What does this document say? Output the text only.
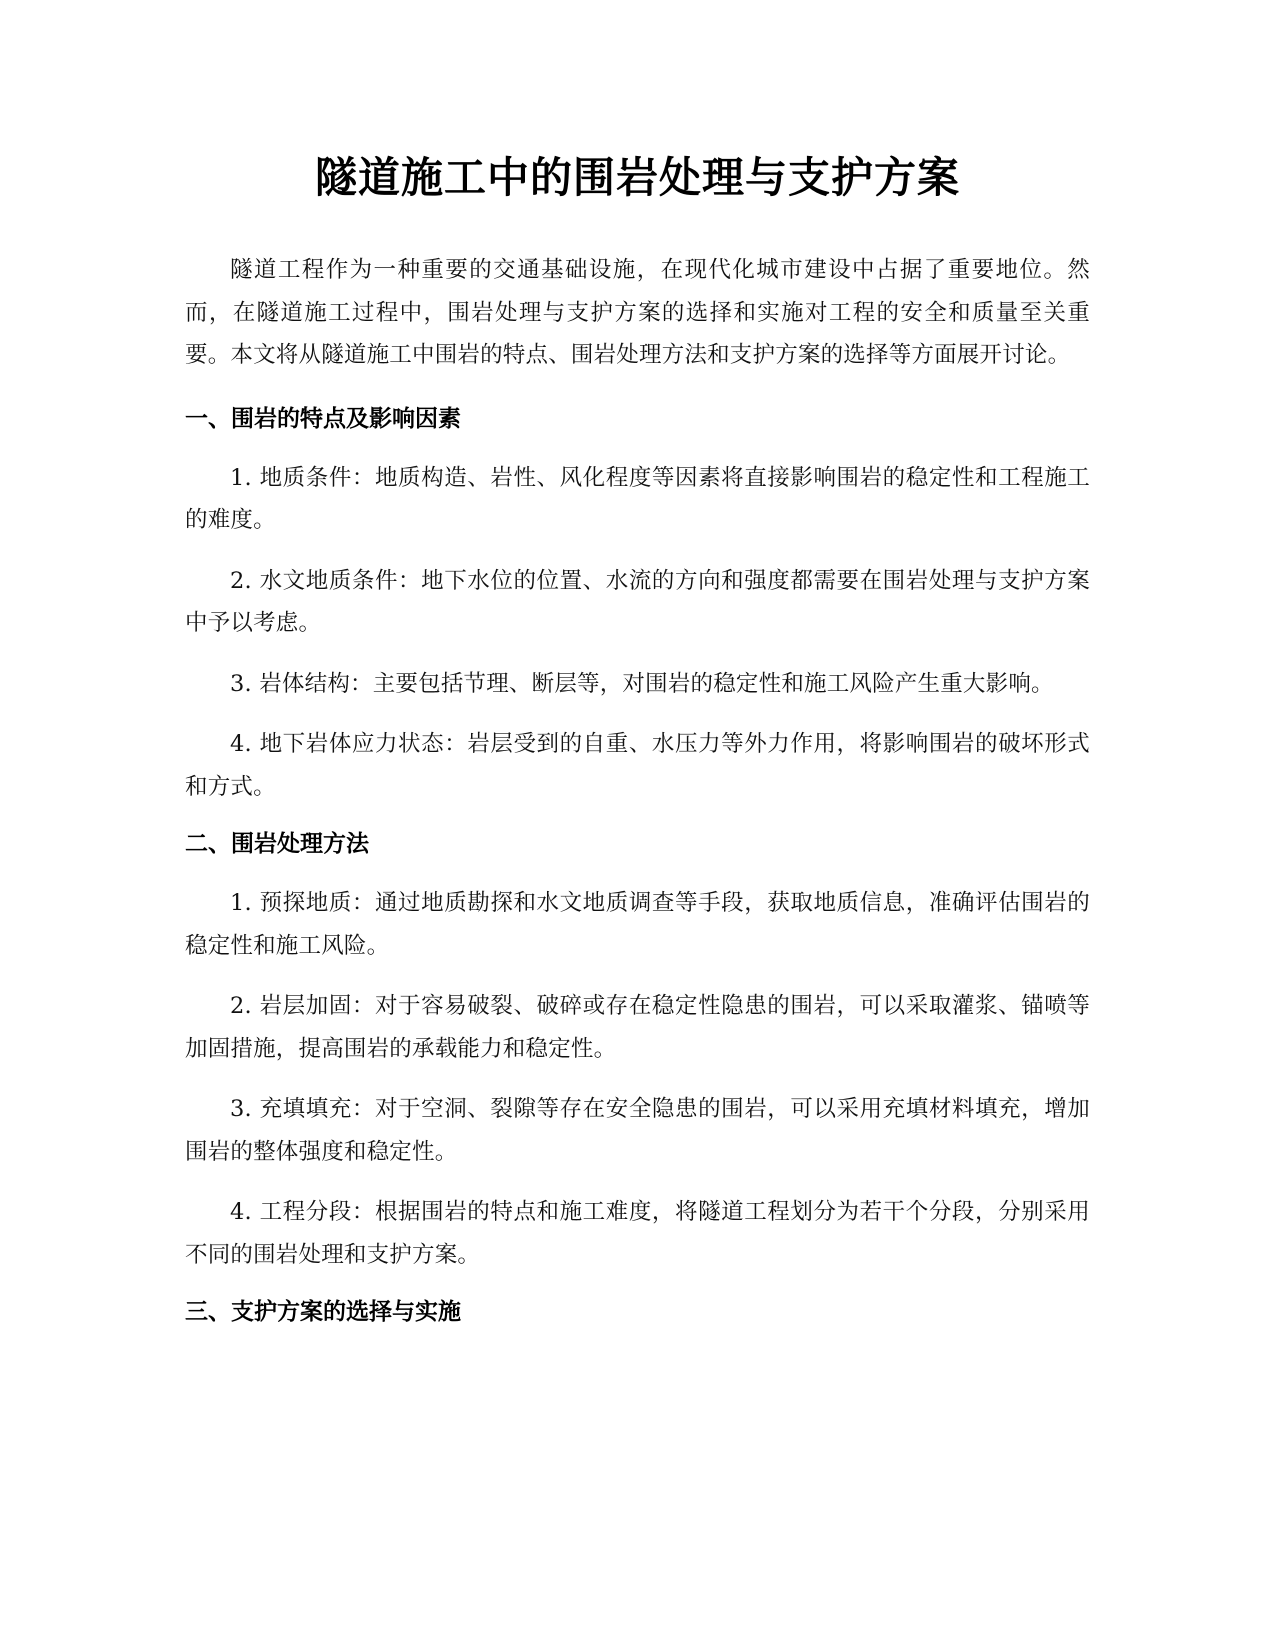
隧道施工中的围岩处理与支护方案

隧道工程作为一种重要的交通基础设施，在现代化城市建设中占据了重要地位。然而，在隧道施工过程中，围岩处理与支护方案的选择和实施对工程的安全和质量至关重要。本文将从隧道施工中围岩的特点、围岩处理方法和支护方案的选择等方面展开讨论。

一、围岩的特点及影响因素

1. 地质条件：地质构造、岩性、风化程度等因素将直接影响围岩的稳定性和工程施工的难度。

2. 水文地质条件：地下水位的位置、水流的方向和强度都需要在围岩处理与支护方案中予以考虑。

3. 岩体结构：主要包括节理、断层等，对围岩的稳定性和施工风险产生重大影响。

4. 地下岩体应力状态：岩层受到的自重、水压力等外力作用，将影响围岩的破坏形式和方式。

二、围岩处理方法

1. 预探地质：通过地质勘探和水文地质调查等手段，获取地质信息，准确评估围岩的稳定性和施工风险。

2. 岩层加固：对于容易破裂、破碎或存在稳定性隐患的围岩，可以采取灌浆、锚喷等加固措施，提高围岩的承载能力和稳定性。

3. 充填填充：对于空洞、裂隙等存在安全隐患的围岩，可以采用充填材料填充，增加围岩的整体强度和稳定性。

4. 工程分段：根据围岩的特点和施工难度，将隧道工程划分为若干个分段，分别采用不同的围岩处理和支护方案。

三、支护方案的选择与实施
